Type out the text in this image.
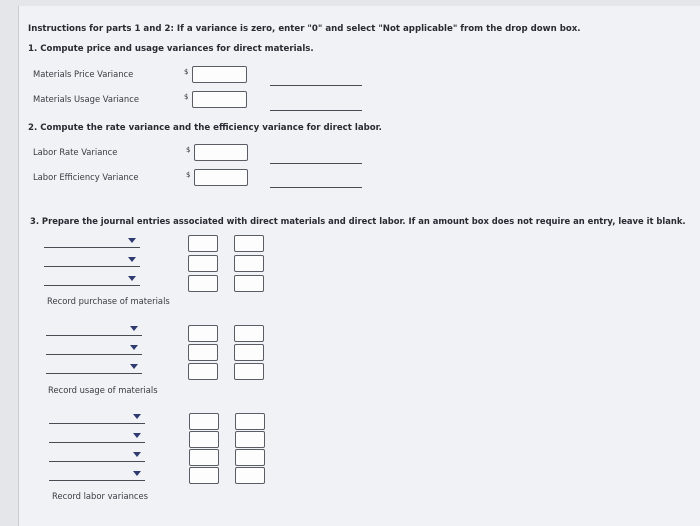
Instructions for parts 1 and 2: If a variance is zero, enter "0" and select "Not applicable" from the drop down box.
1. Compute price and usage variances for direct materials.
Materials Price Variance	$
Materials Usage Variance	$
2. Compute the rate variance and the efficiency variance for direct labor.
Labor Rate Variance	$
Labor Efficiency Variance	$
3. Prepare the journal entries associated with direct materials and direct labor. If an amount box does not require an entry, leave it blank.
Record purchase of materials
Record usage of materials
Record labor variances
